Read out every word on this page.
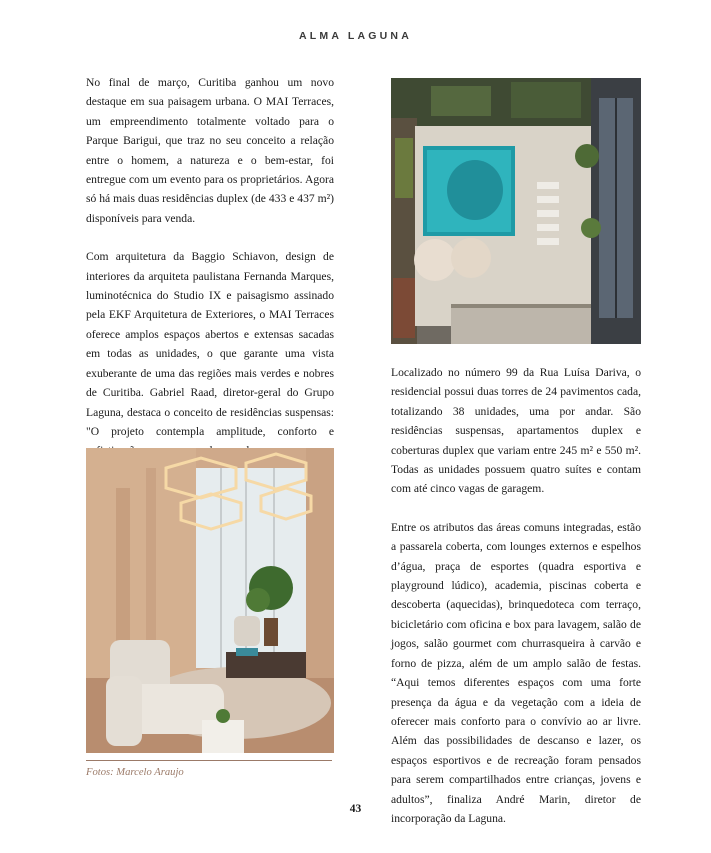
ALMA LAGUNA

No final de março, Curitiba ganhou um novo destaque em sua paisagem urbana. O MAI Terraces, um empreendimento totalmente voltado para o Parque Barigui, que traz no seu conceito a relação entre o homem, a natureza e o bem-estar, foi entregue com um evento para os proprietários. Agora só há mais duas residências duplex (de 433 e 437 m²) disponíveis para venda.

Com arquitetura da Baggio Schiavon, design de interiores da arquiteta paulistana Fernanda Marques, luminotécnica do Studio IX e paisagismo assinado pela EKF Arquitetura de Exteriores, o MAI Terraces oferece amplos espaços abertos e extensas sacadas em todas as unidades, o que garante uma vista exuberante de uma das regiões mais verdes e nobres de Curitiba. Gabriel Raad, diretor-geral do Grupo Laguna, destaca o conceito de residências suspensas: "O projeto contempla amplitude, conforto e

Localizado no número 99 da Rua Luísa Dariva, o residencial possui duas torres de 24 pavimentos cada, totalizando 38 unidades, uma por andar. São residências suspensas, apartamentos duplex e coberturas duplex que variam entre 245 m² e 550 m². Todas as unidades possuem quatro suítes e contam com até cinco vagas de garagem.

Entre os atributos das áreas comuns integradas, estão a passarela coberta, com lounges externos e espelhos d’água, praça de esportes (quadra esportiva e playground lúdico), academia, piscinas coberta e descoberta (aquecidas), brinquedoteca com terraço, bicicletário com oficina e box para lavagem, salão de jogos, salão gourmet com churrasqueira à carvão e forno de pizza, além de um amplo salão de festas. “Aqui temos diferentes espaços com uma forte presença da água e da vegetação com a ideia de oferecer mais conforto para o convívio ao ar livre. Além das possibilidades de descanso e lazer, os espaços esportivos e de recreação foram pensados para serem compartilhados entre crianças, jovens e adultos”, finaliza André Marin, diretor de incorporação da Laguna.

Fotos: Marcelo Araujo
43
